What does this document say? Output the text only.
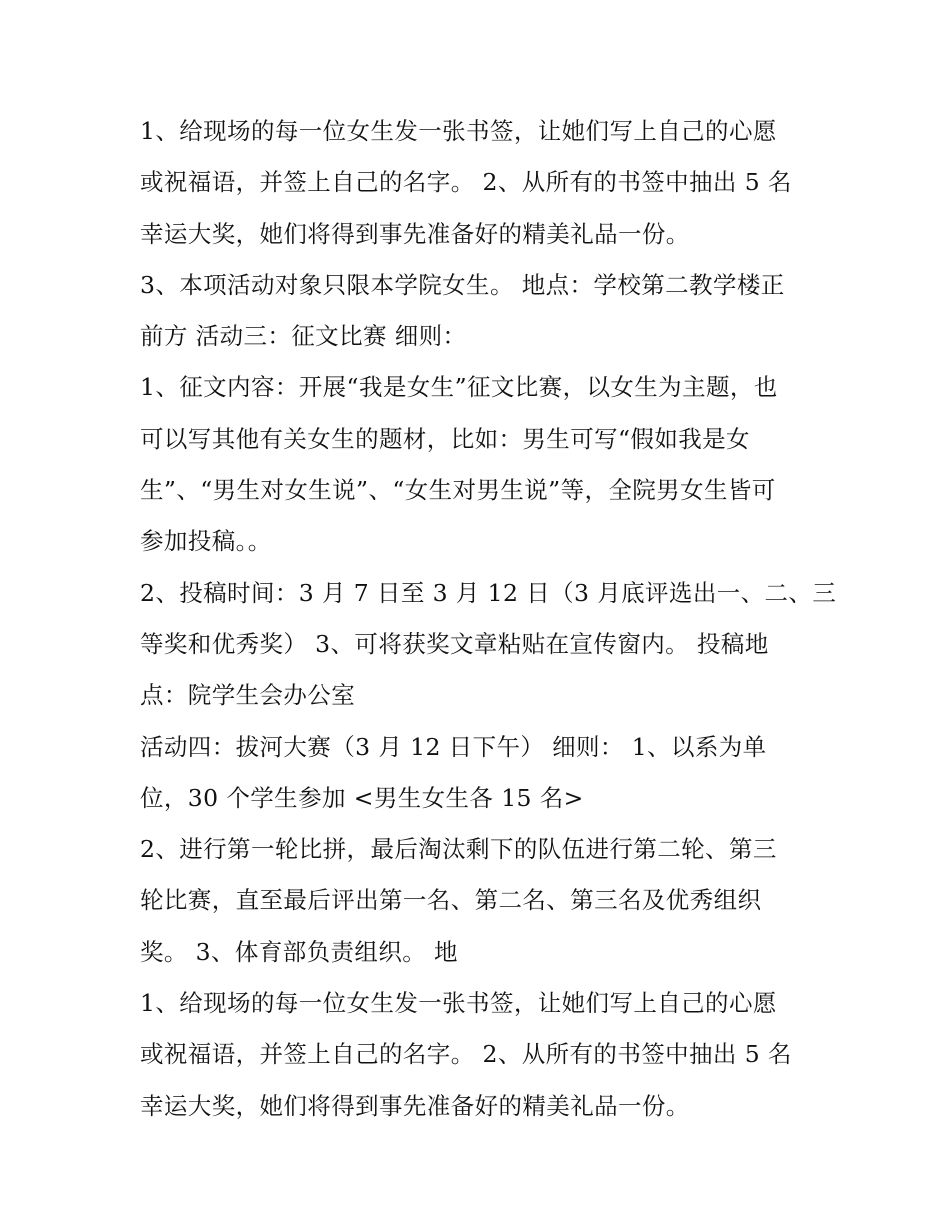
1、给现场的每一位女生发一张书签，让她们写上自己的心愿
或祝福语，并签上自己的名字。 2、从所有的书签中抽出 5 名
幸运大奖，她们将得到事先准备好的精美礼品一份。
3、本项活动对象只限本学院女生。 地点：学校第二教学楼正
前方 活动三：征文比赛 细则：
1、征文内容：开展“我是女生”征文比赛，以女生为主题，也
可以写其他有关女生的题材，比如：男生可写“假如我是女
生”、“男生对女生说”、“女生对男生说”等，全院男女生皆可
参加投稿。。
2、投稿时间：3 月 7 日至 3 月 12 日（3 月底评选出一、二、三
等奖和优秀奖） 3、可将获奖文章粘贴在宣传窗内。 投稿地
点：院学生会办公室
活动四：拔河大赛（3 月 12 日下午） 细则： 1、以系为单
位，30 个学生参加 <男生女生各 15 名>
2、进行第一轮比拼，最后淘汰剩下的队伍进行第二轮、第三
轮比赛，直至最后评出第一名、第二名、第三名及优秀组织
奖。 3、体育部负责组织。 地
1、给现场的每一位女生发一张书签，让她们写上自己的心愿
或祝福语，并签上自己的名字。 2、从所有的书签中抽出 5 名
幸运大奖，她们将得到事先准备好的精美礼品一份。
